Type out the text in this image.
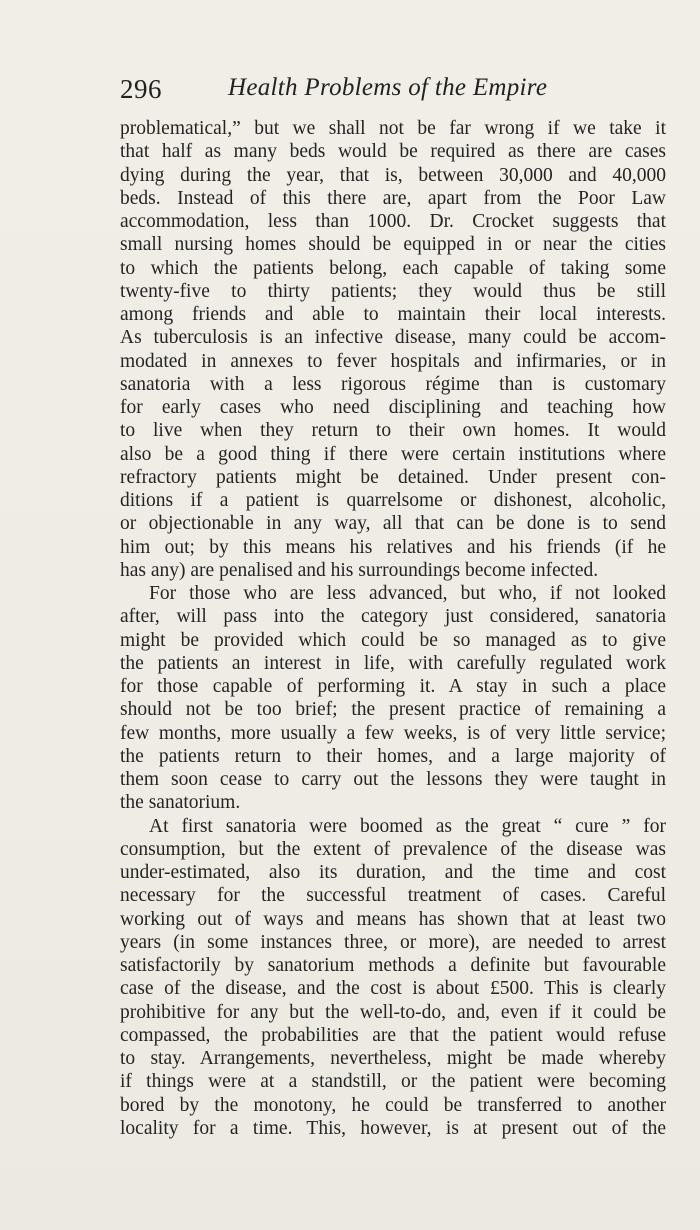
296	Health Problems of the Empire
problematical,” but we shall not be far wrong if we take it
that half as many beds would be required as there are cases
dying during the year, that is, between 30,000 and 40,000
beds. Instead of this there are, apart from the Poor Law
accommodation, less than 1000. Dr. Crocket suggests that
small nursing homes should be equipped in or near the cities
to which the patients belong, each capable of taking some
twenty-five to thirty patients; they would thus be still
among friends and able to maintain their local interests.
As tuberculosis is an infective disease, many could be accom-
modated in annexes to fever hospitals and infirmaries, or in
sanatoria with a less rigorous régime than is customary
for early cases who need disciplining and teaching how
to live when they return to their own homes. It would
also be a good thing if there were certain institutions where
refractory patients might be detained. Under present con-
ditions if a patient is quarrelsome or dishonest, alcoholic,
or objectionable in any way, all that can be done is to send
him out; by this means his relatives and his friends (if he
has any) are penalised and his surroundings become infected.
For those who are less advanced, but who, if not looked
after, will pass into the category just considered, sanatoria
might be provided which could be so managed as to give
the patients an interest in life, with carefully regulated work
for those capable of performing it. A stay in such a place
should not be too brief; the present practice of remaining a
few months, more usually a few weeks, is of very little service;
the patients return to their homes, and a large majority of
them soon cease to carry out the lessons they were taught in
the sanatorium.
At first sanatoria were boomed as the great “ cure ” for
consumption, but the extent of prevalence of the disease was
under-estimated, also its duration, and the time and cost
necessary for the successful treatment of cases. Careful
working out of ways and means has shown that at least two
years (in some instances three, or more), are needed to arrest
satisfactorily by sanatorium methods a definite but favourable
case of the disease, and the cost is about £500. This is clearly
prohibitive for any but the well-to-do, and, even if it could be
compassed, the probabilities are that the patient would refuse
to stay. Arrangements, nevertheless, might be made whereby
if things were at a standstill, or the patient were becoming
bored by the monotony, he could be transferred to another
locality for a time. This, however, is at present out of the
